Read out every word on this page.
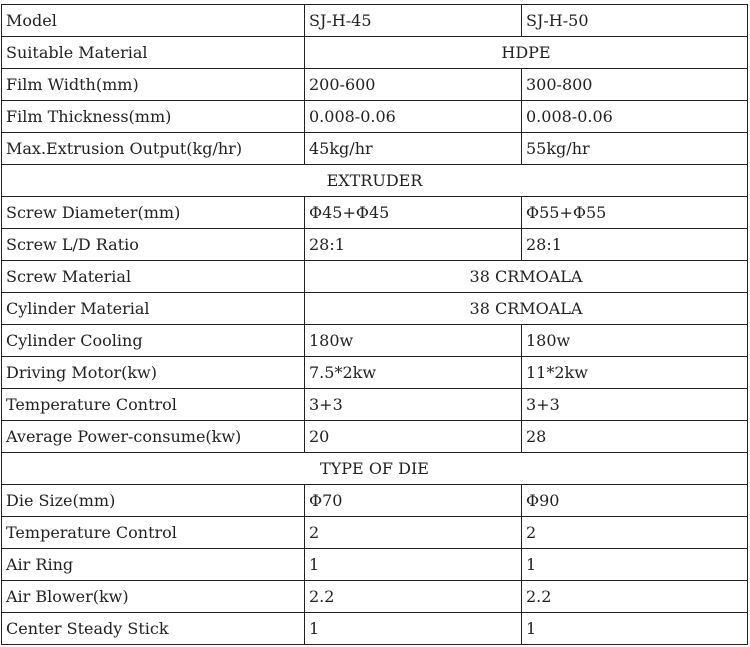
Model	SJ-H-45	SJ-H-50
Suitable Material	HDPE	
Film Width(mm)	200-600	300-800
Film Thickness(mm)	0.008-0.06	0.008-0.06
Max.Extrusion Output(kg/hr)	45kg/hr	55kg/hr
EXTRUDER		
Screw Diameter(mm)	Φ45+Φ45	Φ55+Φ55
Screw L/D Ratio	28:1	28:1
Screw Material	38 CRMOALA	
Cylinder Material	38 CRMOALA	
Cylinder Cooling	180w	180w
Driving Motor(kw)	7.5*2kw	11*2kw
Temperature Control	3+3	3+3
Average Power-consume(kw)	20	28
TYPE OF DIE		
Die Size(mm)	Φ70	Φ90
Temperature Control	2	2
Air Ring	1	1
Air Blower(kw)	2.2	2.2
Center Steady Stick	1	1
